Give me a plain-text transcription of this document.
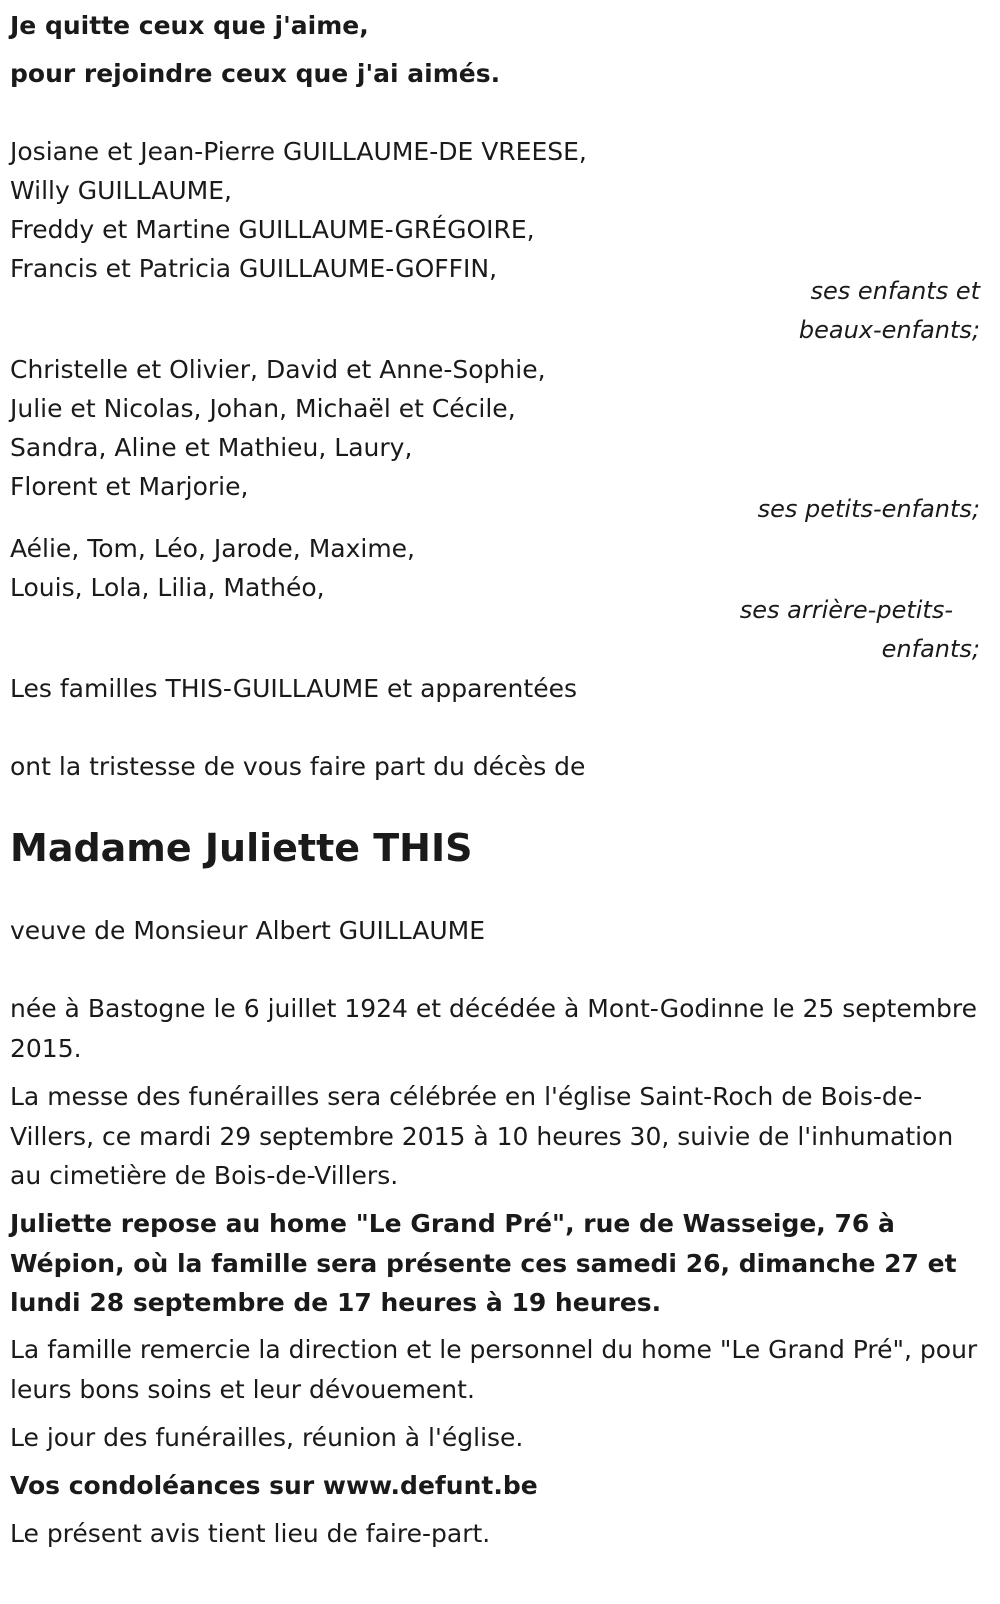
Je quitte ceux que j'aime,
pour rejoindre ceux que j'ai aimés.
Josiane et Jean-Pierre GUILLAUME-DE VREESE,
Willy GUILLAUME,
Freddy et Martine GUILLAUME-GRÉGOIRE,
Francis et Patricia GUILLAUME-GOFFIN,
ses enfants et
beaux-enfants;
Christelle et Olivier, David et Anne-Sophie,
Julie et Nicolas, Johan, Michaël et Cécile,
Sandra, Aline et Mathieu, Laury,
Florent et Marjorie,
ses petits-enfants;
Aélie, Tom, Léo, Jarode, Maxime,
Louis, Lola, Lilia, Mathéo,
ses arrière-petits-
enfants;
Les familles THIS-GUILLAUME et apparentées
ont la tristesse de vous faire part du décès de
Madame Juliette THIS
veuve de Monsieur Albert GUILLAUME
née à Bastogne le 6 juillet 1924 et décédée à Mont-Godinne le 25 septembre 2015.
La messe des funérailles sera célébrée en l'église Saint-Roch de Bois-de-Villers, ce mardi 29 septembre 2015 à 10 heures 30, suivie de l'inhumation au cimetière de Bois-de-Villers.
Juliette repose au home "Le Grand Pré", rue de Wasseige, 76 à Wépion, où la famille sera présente ces samedi 26, dimanche 27 et lundi 28 septembre de 17 heures à 19 heures.
La famille remercie la direction et le personnel du home "Le Grand Pré", pour leurs bons soins et leur dévouement.
Le jour des funérailles, réunion à l'église.
Vos condoléances sur www.defunt.be
Le présent avis tient lieu de faire-part.
